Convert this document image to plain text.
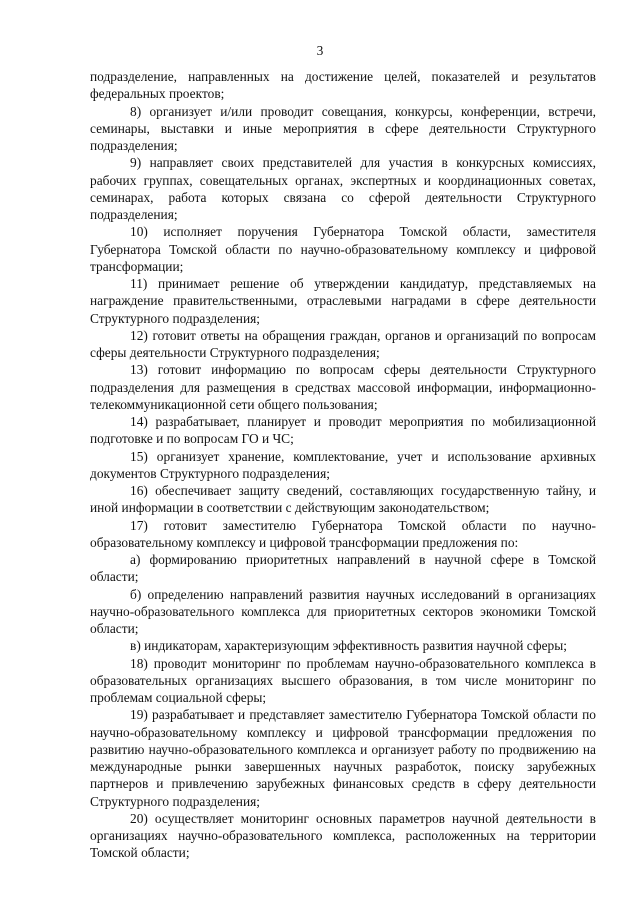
3

подразделение, направленных на достижение целей, показателей и результатов федеральных проектов;

8) организует и/или проводит совещания, конкурсы, конференции, встречи, семинары, выставки и иные мероприятия в сфере деятельности Структурного подразделения;

9) направляет своих представителей для участия в конкурсных комиссиях, рабочих группах, совещательных органах, экспертных и координационных советах, семинарах, работа которых связана со сферой деятельности Структурного подразделения;

10) исполняет поручения Губернатора Томской области, заместителя Губернатора Томской области по научно-образовательному комплексу и цифровой трансформации;

11) принимает решение об утверждении кандидатур, представляемых на награждение правительственными, отраслевыми наградами в сфере деятельности Структурного подразделения;

12) готовит ответы на обращения граждан, органов и организаций по вопросам сферы деятельности Структурного подразделения;

13) готовит информацию по вопросам сферы деятельности Структурного подразделения для размещения в средствах массовой информации, информационно-телекоммуникационной сети общего пользования;

14) разрабатывает, планирует и проводит мероприятия по мобилизационной подготовке и по вопросам ГО и ЧС;

15) организует хранение, комплектование, учет и использование архивных документов Структурного подразделения;

16) обеспечивает защиту сведений, составляющих государственную тайну, и иной информации в соответствии с действующим законодательством;

17) готовит заместителю Губернатора Томской области по научно-образовательному комплексу и цифровой трансформации предложения по:

а) формированию приоритетных направлений в научной сфере в Томской области;

б) определению направлений развития научных исследований в организациях научно-образовательного комплекса для приоритетных секторов экономики Томской области;

в) индикаторам, характеризующим эффективность развития научной сферы;

18) проводит мониторинг по проблемам научно-образовательного комплекса в образовательных организациях высшего образования, в том числе мониторинг по проблемам социальной сферы;

19) разрабатывает и представляет заместителю Губернатора Томской области по научно-образовательному комплексу и цифровой трансформации предложения по развитию научно-образовательного комплекса и организует работу по продвижению на международные рынки завершенных научных разработок, поиску зарубежных партнеров и привлечению зарубежных финансовых средств в сферу деятельности Структурного подразделения;

20) осуществляет мониторинг основных параметров научной деятельности в организациях научно-образовательного комплекса, расположенных на территории Томской области;
